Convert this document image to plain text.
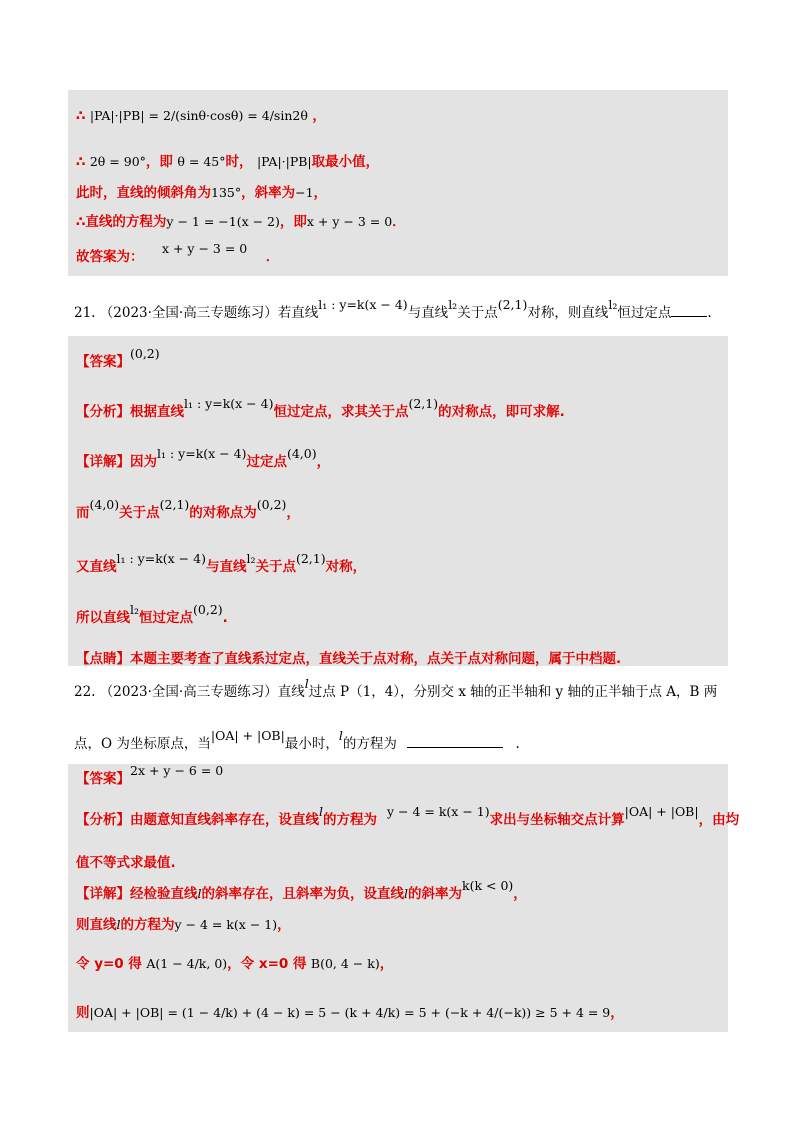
∴ |PA|·|PB| = 2/(sinθ·cosθ) = 4/sin2θ ，
∴ 2θ = 90°，即 θ = 45°时， |PA|·|PB|取最小值，
此时，直线的倾斜角为135°，斜率为−1，
∴直线的方程为y − 1 = −1(x − 2)，即x + y − 3 = 0．
故答案为： x + y − 3 = 0 ．
21. （2023·全国·高三专题练习）若直线l₁ : y=k(x − 4)与直线l₂关于点(2,1)对称，则直线l₂恒过定点	.
【答案】(0,2)
【分析】根据直线l₁ : y=k(x − 4)恒过定点，求其关于点(2,1)的对称点，即可求解.
【详解】因为l₁ : y=k(x − 4)过定点(4,0)，
而(4,0)关于点(2,1)的对称点为(0,2)，
又直线l₁ : y=k(x − 4)与直线l₂关于点(2,1)对称，
所以直线l₂恒过定点(0,2).
【点睛】本题主要考查了直线系过定点，直线关于点对称，点关于点对称问题，属于中档题.
22. （2023·全国·高三专题练习）直线l过点 P（1，4），分别交 x 轴的正半轴和 y 轴的正半轴于点 A，B 两
点，O 为坐标原点，当|OA| + |OB|最小时，l的方程为	.
【答案】2x + y − 6 = 0
【分析】由题意知直线斜率存在，设直线l的方程为y − 4 = k(x − 1)求出与坐标轴交点计算|OA| + |OB|，由均
值不等式求最值.
【详解】经检验直线l的斜率存在，且斜率为负，设直线l的斜率为k(k < 0)，
则直线l的方程为y − 4 = k(x − 1)，
令 y=0 得 A(1 − 4/k, 0)，令 x=0 得 B(0, 4 − k)，
则|OA| + |OB| = (1 − 4/k) + (4 − k) = 5 − (k + 4/k) = 5 + (−k + 4/(−k)) ≥ 5 + 4 = 9，
